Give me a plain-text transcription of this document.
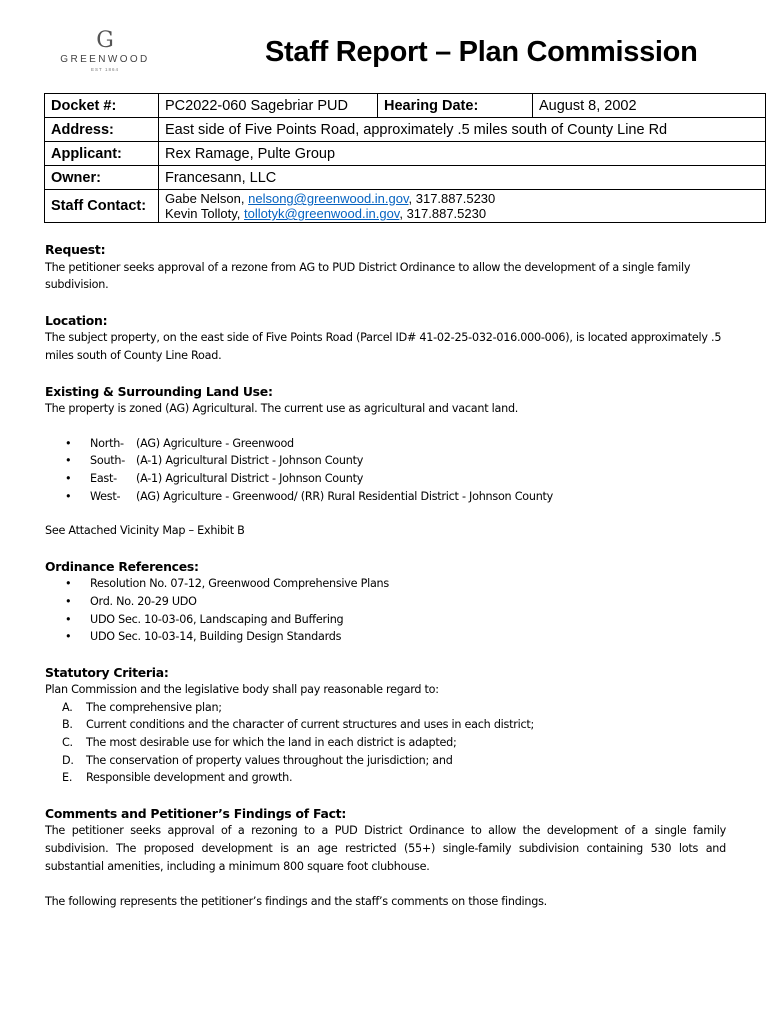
G
GREENWOOD
EST 1864
Staff Report – Plan Commission
Docket #:	PC2022-060 Sagebriar PUD	Hearing Date:	August 8, 2002
Address:	East side of Five Points Road, approximately .5 miles south of County Line Rd		
Applicant:	Rex Ramage, Pulte Group		
Owner:	Francesann, LLC		
Staff Contact:	Gabe Nelson, nelsong@greenwood.in.gov, 317.887.5230
Kevin Tolloty, tollotyk@greenwood.in.gov, 317.887.5230		

Request:

The petitioner seeks approval of a rezone from AG to PUD District Ordinance to allow the development of a single family subdivision.

Location:

The subject property, on the east side of Five Points Road (Parcel ID# 41-02-25-032-016.000-006), is located approximately .5 miles south of County Line Road.

Existing & Surrounding Land Use:

The property is zoned (AG) Agricultural. The current use as agricultural and vacant land.

• North- (AG) Agriculture - Greenwood
• South- (A-1) Agricultural District - Johnson County
• East- (A-1) Agricultural District - Johnson County
• West- (AG) Agriculture - Greenwood/ (RR) Rural Residential District - Johnson County

See Attached Vicinity Map – Exhibit B

Ordinance References:

• Resolution No. 07-12, Greenwood Comprehensive Plans
• Ord. No. 20-29 UDO
• UDO Sec. 10-03-06, Landscaping and Buffering
• UDO Sec. 10-03-14, Building Design Standards

Statutory Criteria:

Plan Commission and the legislative body shall pay reasonable regard to:

A. The comprehensive plan;
B. Current conditions and the character of current structures and uses in each district;
C. The most desirable use for which the land in each district is adapted;
D. The conservation of property values throughout the jurisdiction; and
E. Responsible development and growth.

Comments and Petitioner’s Findings of Fact:

The petitioner seeks approval of a rezoning to a PUD District Ordinance to allow the development of a single family subdivision. The proposed development is an age restricted (55+) single-family subdivision containing 530 lots and substantial amenities, including a minimum 800 square foot clubhouse.

The following represents the petitioner’s findings and the staff’s comments on those findings.
